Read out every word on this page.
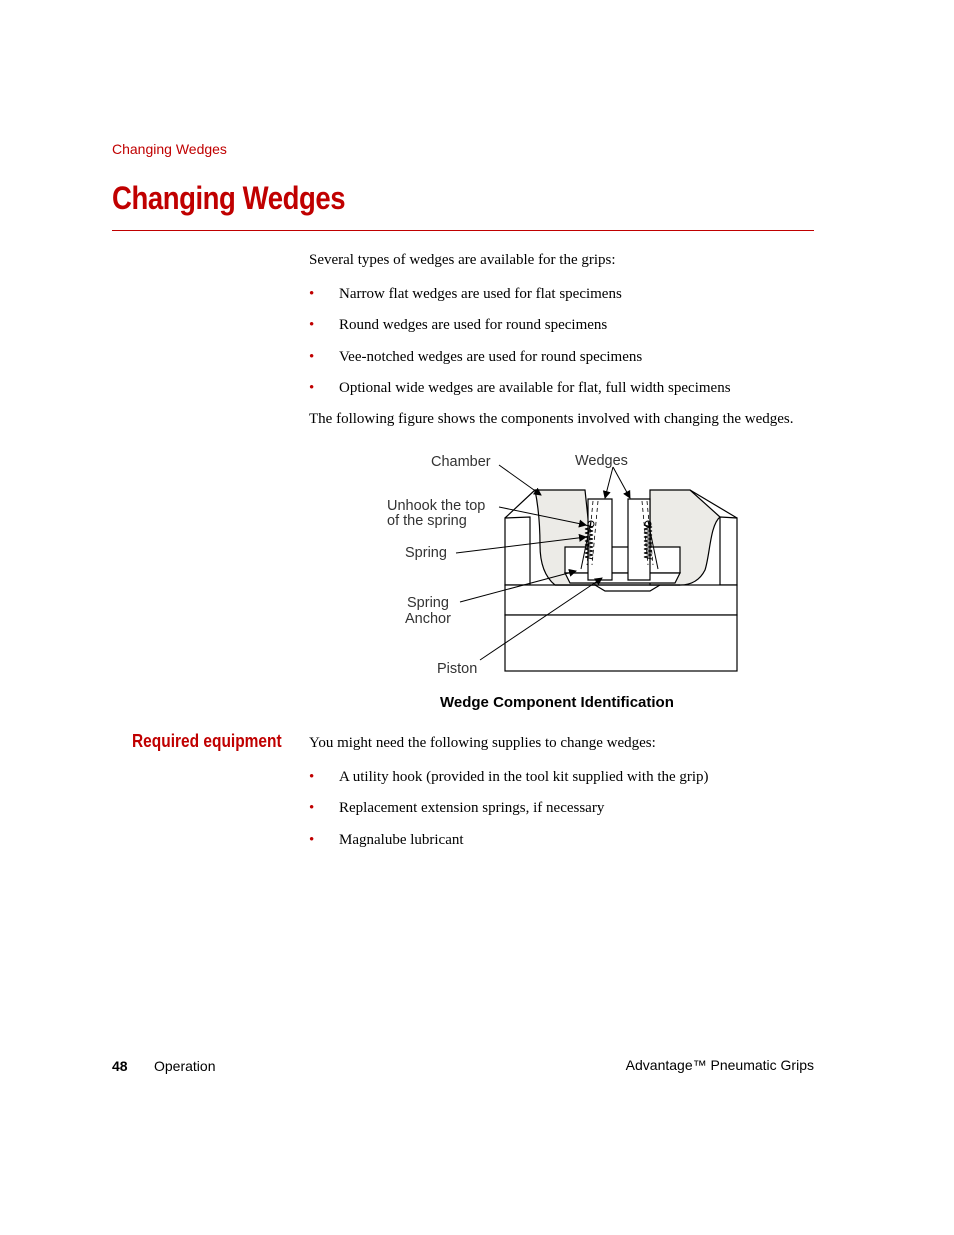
Changing Wedges
Changing Wedges
Several types of wedges are available for the grips:
• Narrow flat wedges are used for flat specimens
• Round wedges are used for round specimens
• Vee-notched wedges are used for round specimens
• Optional wide wedges are available for flat, full width specimens
The following figure shows the components involved with changing the wedges.
Chamber	Wedges
Unhook the top
of the spring
Spring
Spring
Anchor
Piston
Wedge Component Identification
Required equipment You might need the following supplies to change wedges:
• A utility hook (provided in the tool kit supplied with the grip)
• Replacement extension springs, if necessary
• Magnalube lubricant
48 Operation	Advantage™ Pneumatic Grips
